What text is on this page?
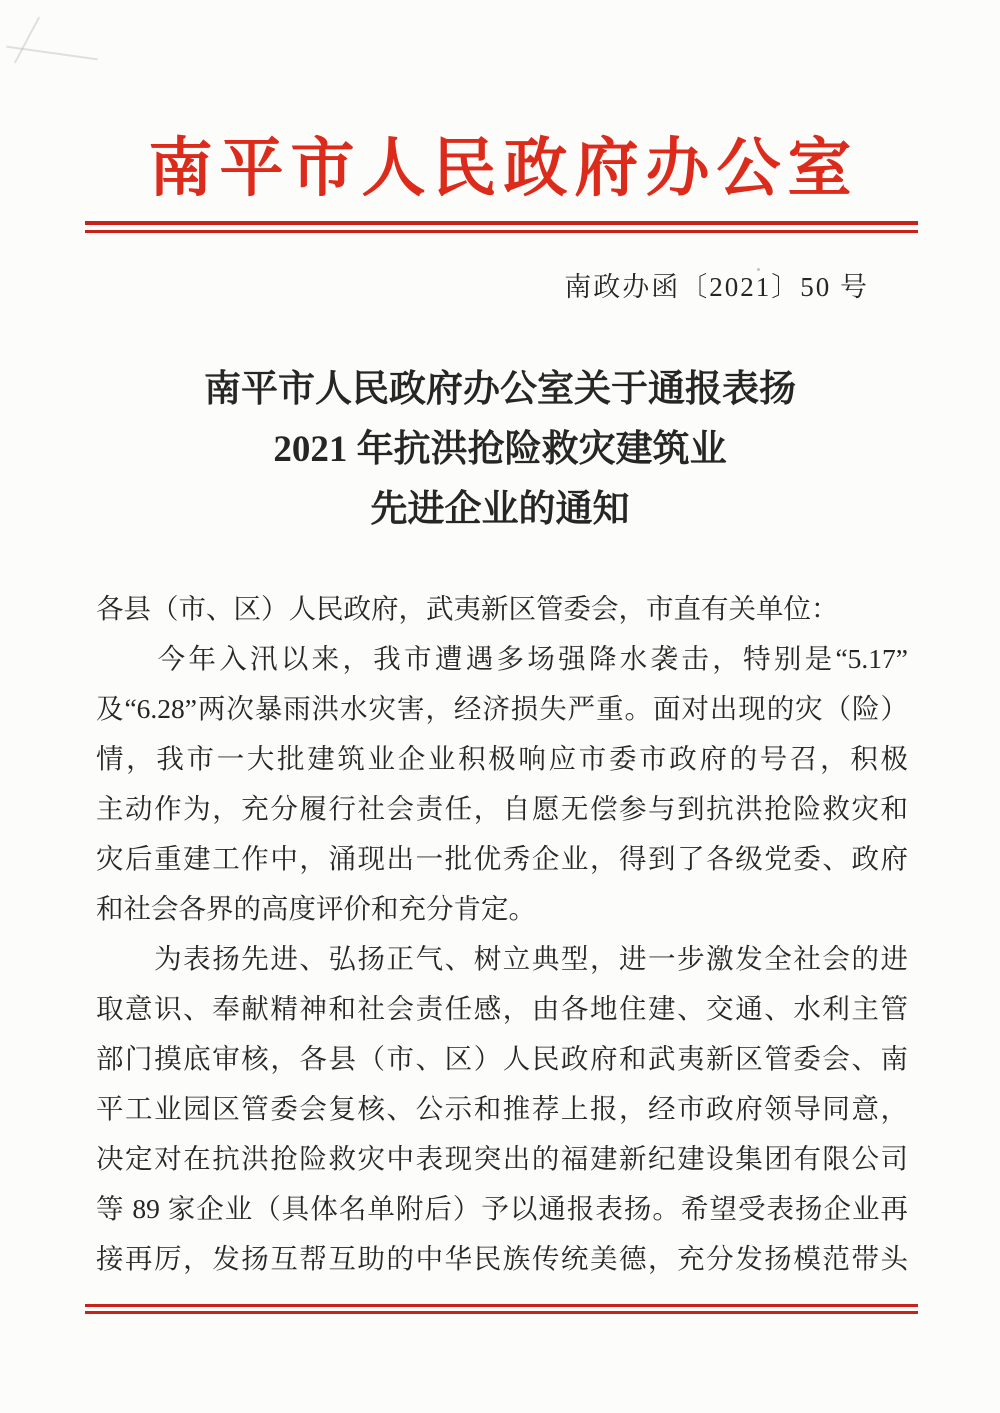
南平市人民政府办公室
南政办函〔2021〕50 号
南平市人民政府办公室关于通报表扬
2021 年抗洪抢险救灾建筑业
先进企业的通知
各县（市、区）人民政府，武夷新区管委会，市直有关单位：
　　今年入汛以来，我市遭遇多场强降水袭击，特别是“5.17”
及“6.28”两次暴雨洪水灾害，经济损失严重。面对出现的灾（险）
情，我市一大批建筑业企业积极响应市委市政府的号召，积极
主动作为，充分履行社会责任，自愿无偿参与到抗洪抢险救灾和
灾后重建工作中，涌现出一批优秀企业，得到了各级党委、政府
和社会各界的高度评价和充分肯定。
　　为表扬先进、弘扬正气、树立典型，进一步激发全社会的进
取意识、奉献精神和社会责任感，由各地住建、交通、水利主管
部门摸底审核，各县（市、区）人民政府和武夷新区管委会、南
平工业园区管委会复核、公示和推荐上报，经市政府领导同意，
决定对在抗洪抢险救灾中表现突出的福建新纪建设集团有限公司
等 89 家企业（具体名单附后）予以通报表扬。希望受表扬企业再
接再厉，发扬互帮互助的中华民族传统美德，充分发扬模范带头
